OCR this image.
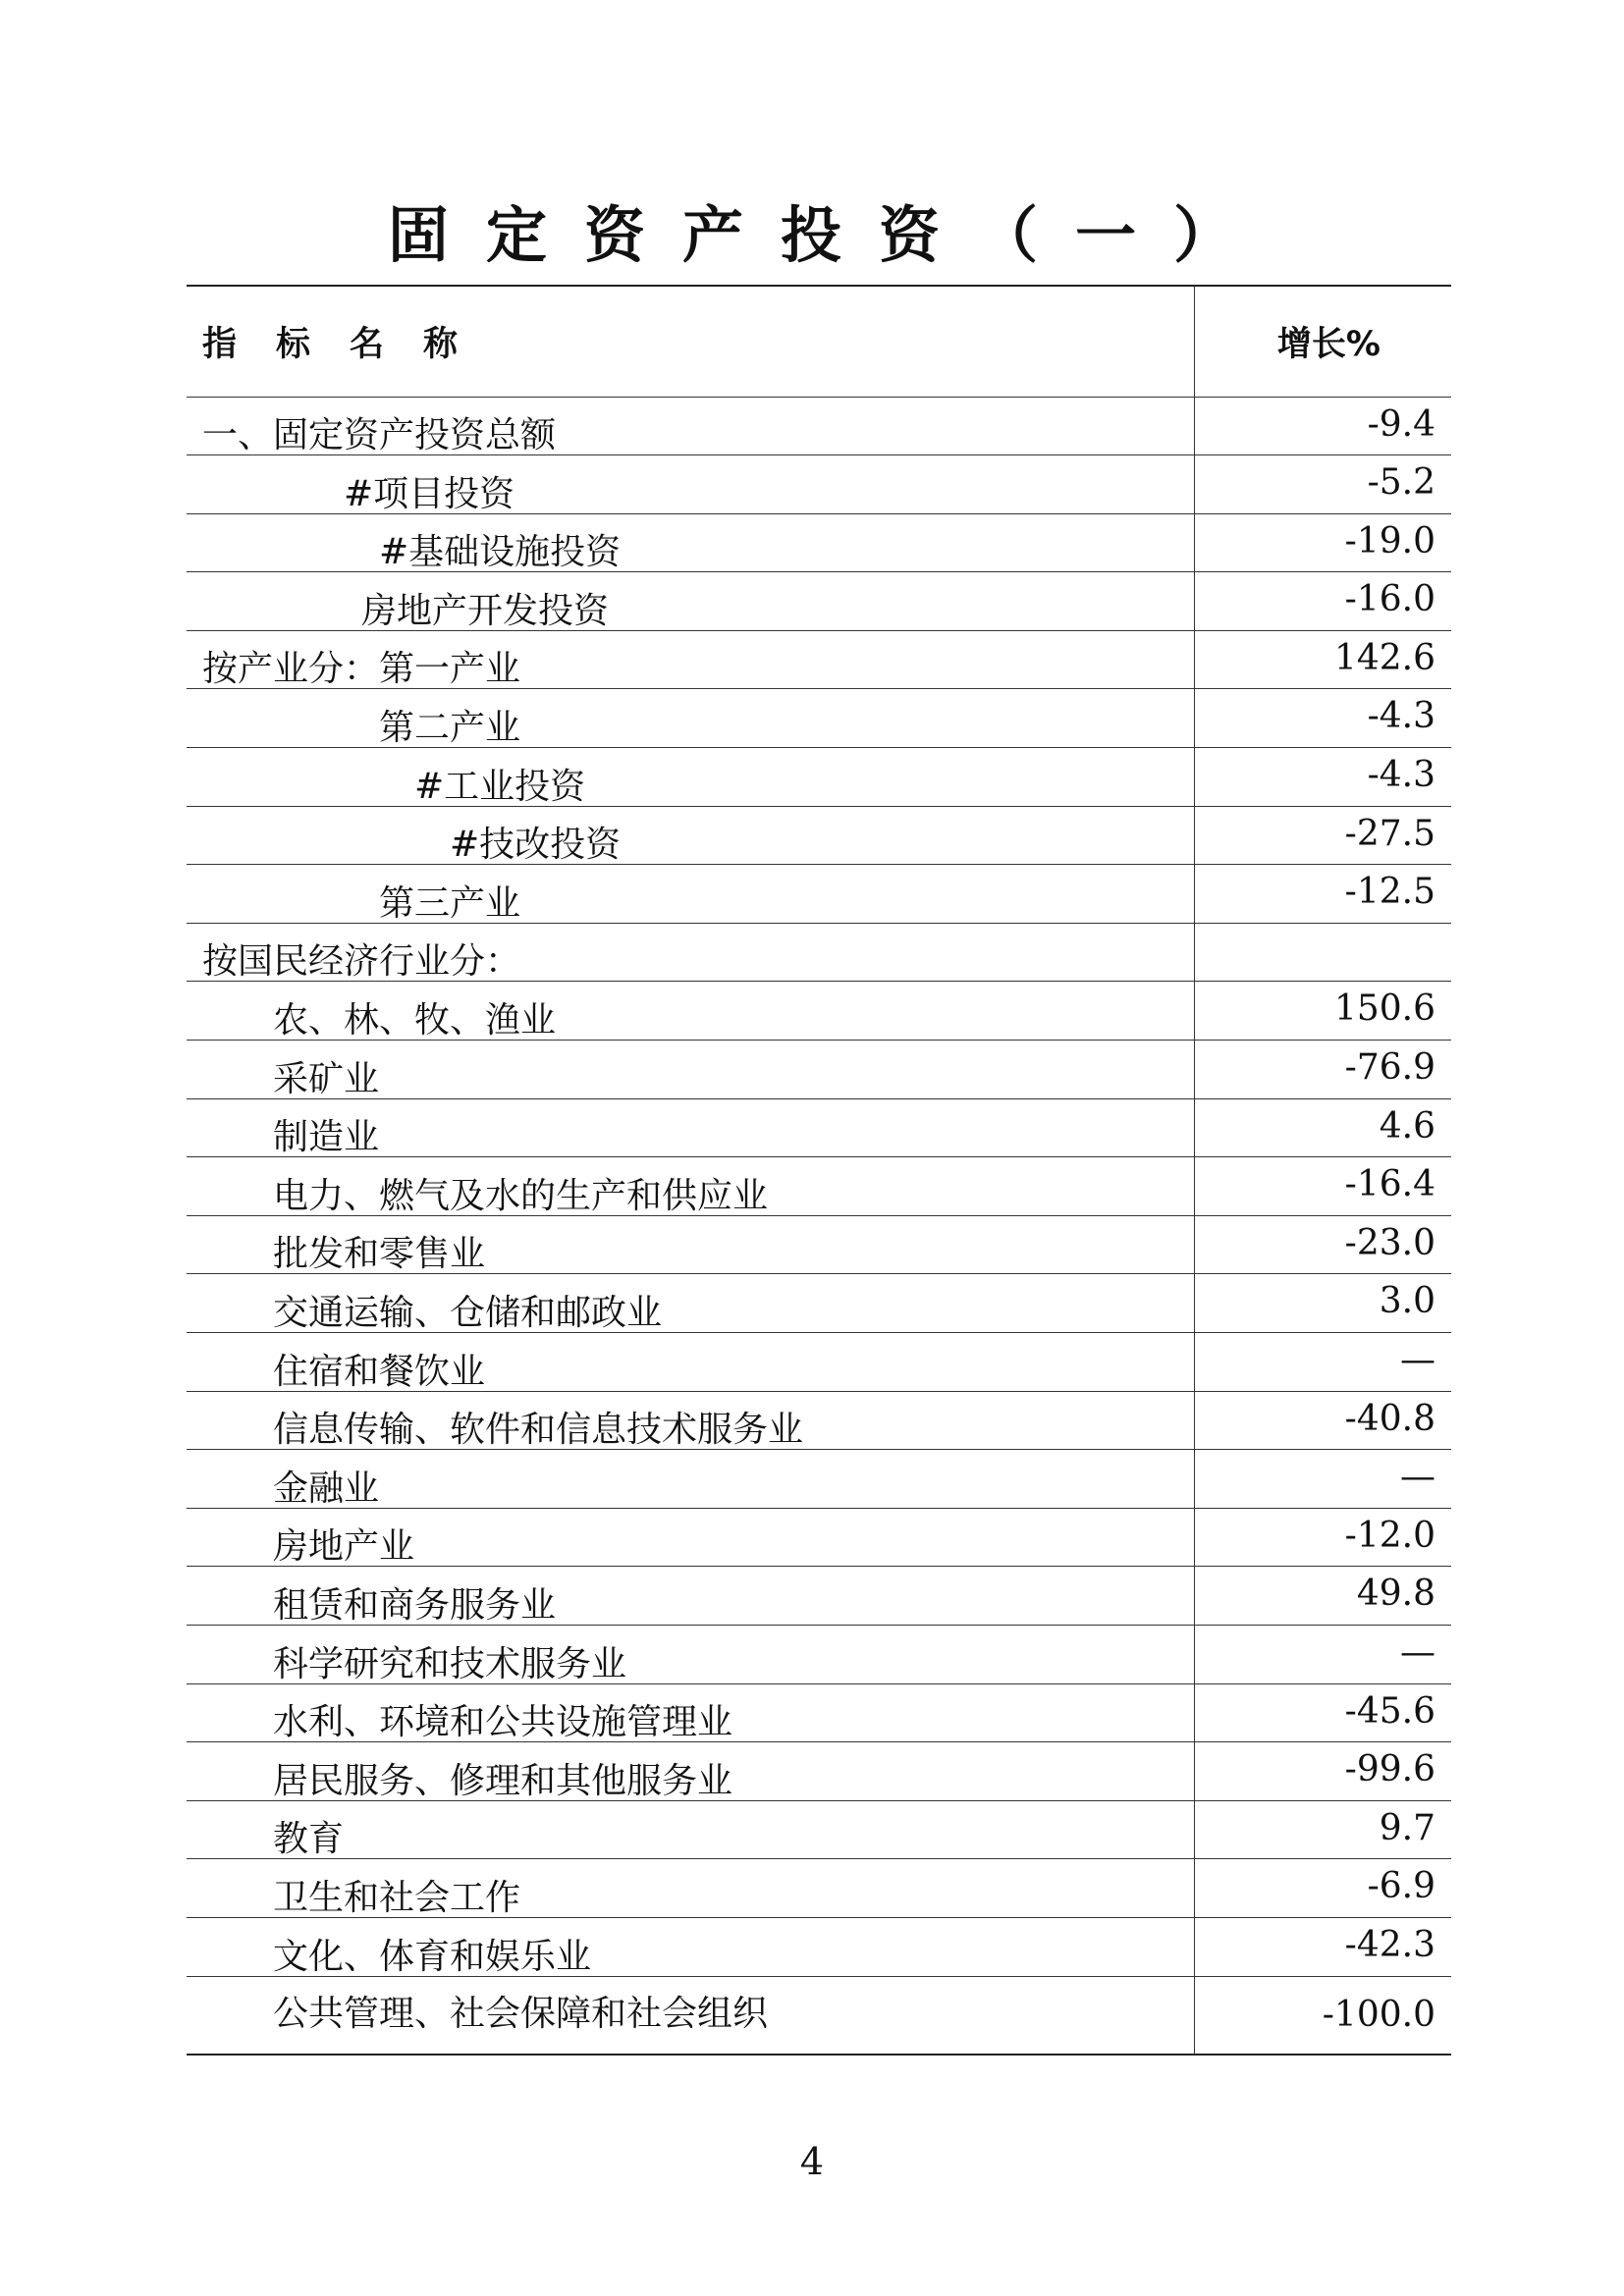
固定资产投资（一）
指标名称	增长%
一、固定资产投资总额	-9.4
#项目投资	-5.2
#基础设施投资	-19.0
房地产开发投资	-16.0
按产业分：第一产业	142.6
第二产业	-4.3
#工业投资	-4.3
#技改投资	-27.5
第三产业	-12.5
按国民经济行业分：	
农、林、牧、渔业	150.6
采矿业	-76.9
制造业	4.6
电力、燃气及水的生产和供应业	-16.4
批发和零售业	-23.0
交通运输、仓储和邮政业	3.0
住宿和餐饮业	—
信息传输、软件和信息技术服务业	-40.8
金融业	—
房地产业	-12.0
租赁和商务服务业	49.8
科学研究和技术服务业	—
水利、环境和公共设施管理业	-45.6
居民服务、修理和其他服务业	-99.6
教育	9.7
卫生和社会工作	-6.9
文化、体育和娱乐业	-42.3
公共管理、社会保障和社会组织	-100.0
4
